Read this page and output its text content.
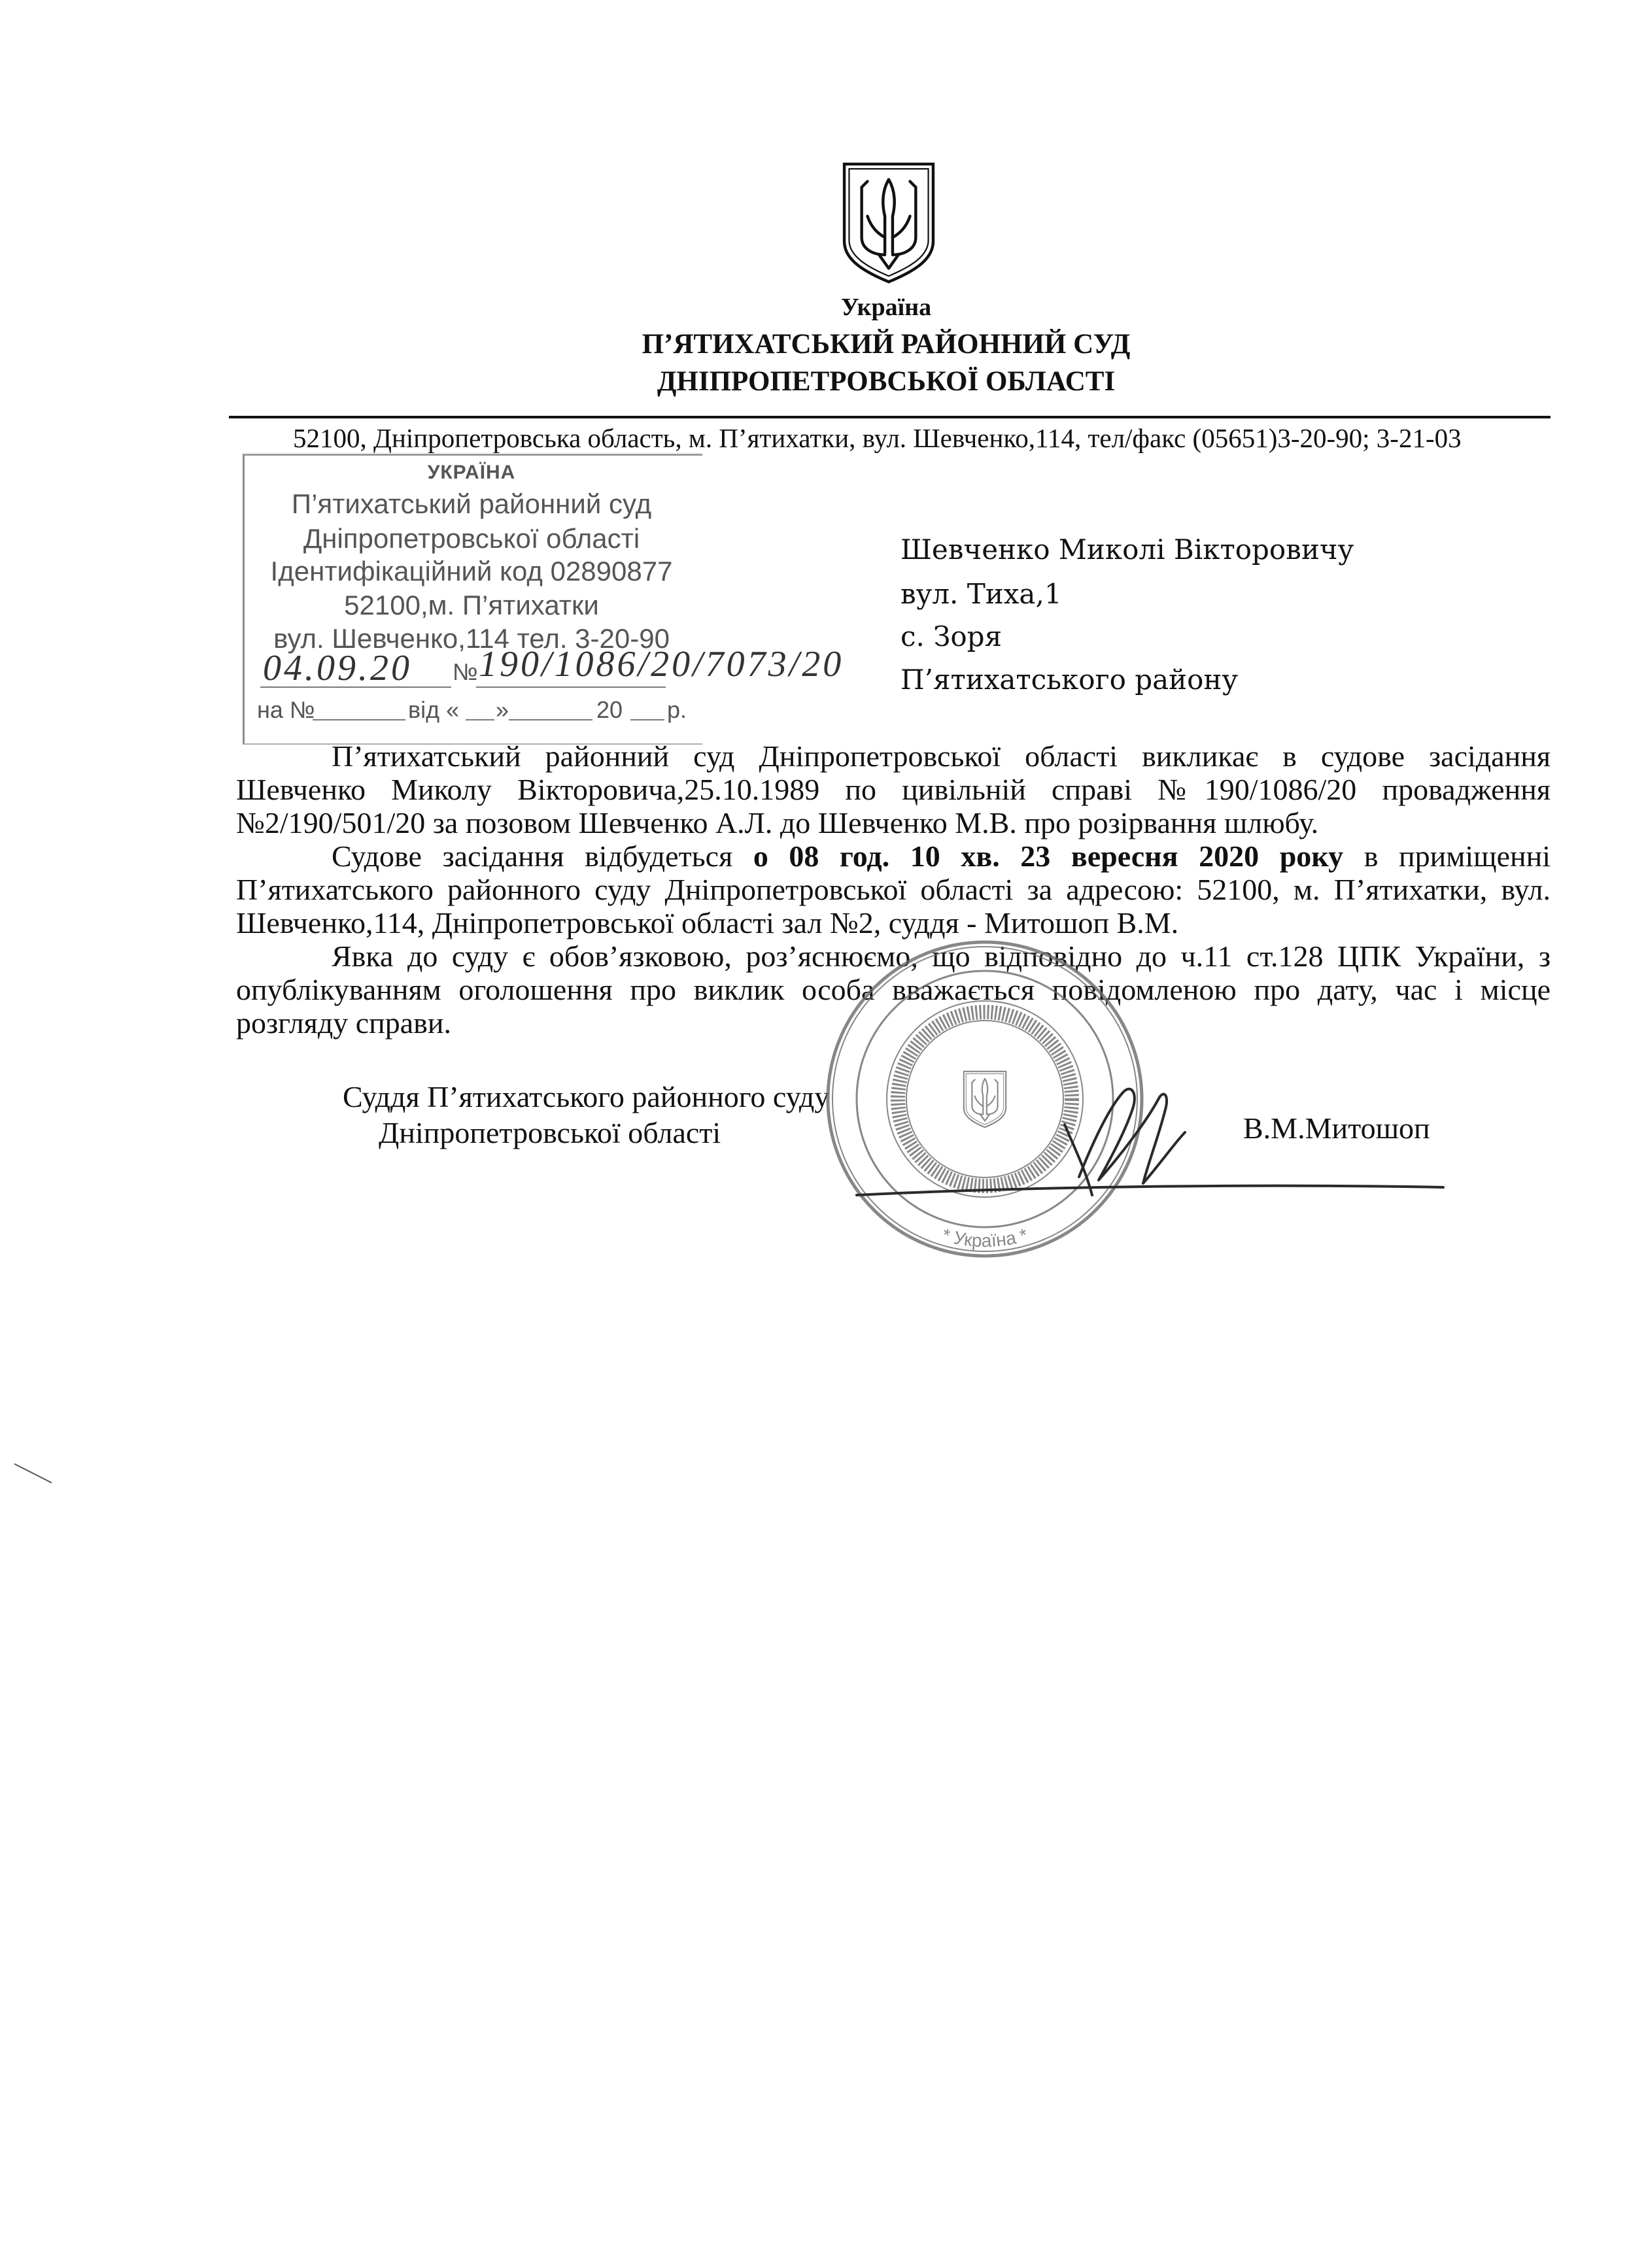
Україна
П’ЯТИХАТСЬКИЙ РАЙОННИЙ СУД
ДНІПРОПЕТРОВСЬКОЇ ОБЛАСТІ
52100, Дніпропетровська область, м. П’ятихатки, вул. Шевченко,114, тел/факс (05651)3-20-90; 3-21-03
УКРАЇНА
П’ятихатський районний суд
Дніпропетровської області
Ідентифікаційний код 02890877
52100,м. П’ятихатки
вул. Шевченко,114 тел. 3-20-90
04.09.20 № 190/1086/20/7073/20
на №	від « »	20 р.
Шевченко Миколі Вікторовичу
вул. Тиха,1
с. Зоря
П’ятихатського району
П’ятихатський районний суд Дніпропетровської області викликає в судове засідання
Шевченко Миколу Вікторовича,25.10.1989 по цивільній справі №190/1086/20 провадження
№2/190/501/20 за позовом Шевченко А.Л. до Шевченко М.В. про розірвання шлюбу.
Судове засідання відбудеться о 08 год. 10 хв. 23 вересня 2020 року в приміщенні
П’ятихатського районного суду Дніпропетровської області за адресою: 52100, м. П’ятихатки, вул.
Шевченко,114, Дніпропетровської області зал №2, суддя - Митошоп В.М.
Явка до суду є обов’язковою, роз’яснюємо, що відповідно до ч.11 ст.128 ЦПК України, з
опублікуванням оголошення про виклик особа вважається повідомленою про дату, час і місце
розгляду справи.
Суддя П’ятихатського районного суду
Дніпропетровської області	В.М.Митошоп
* Україна *
